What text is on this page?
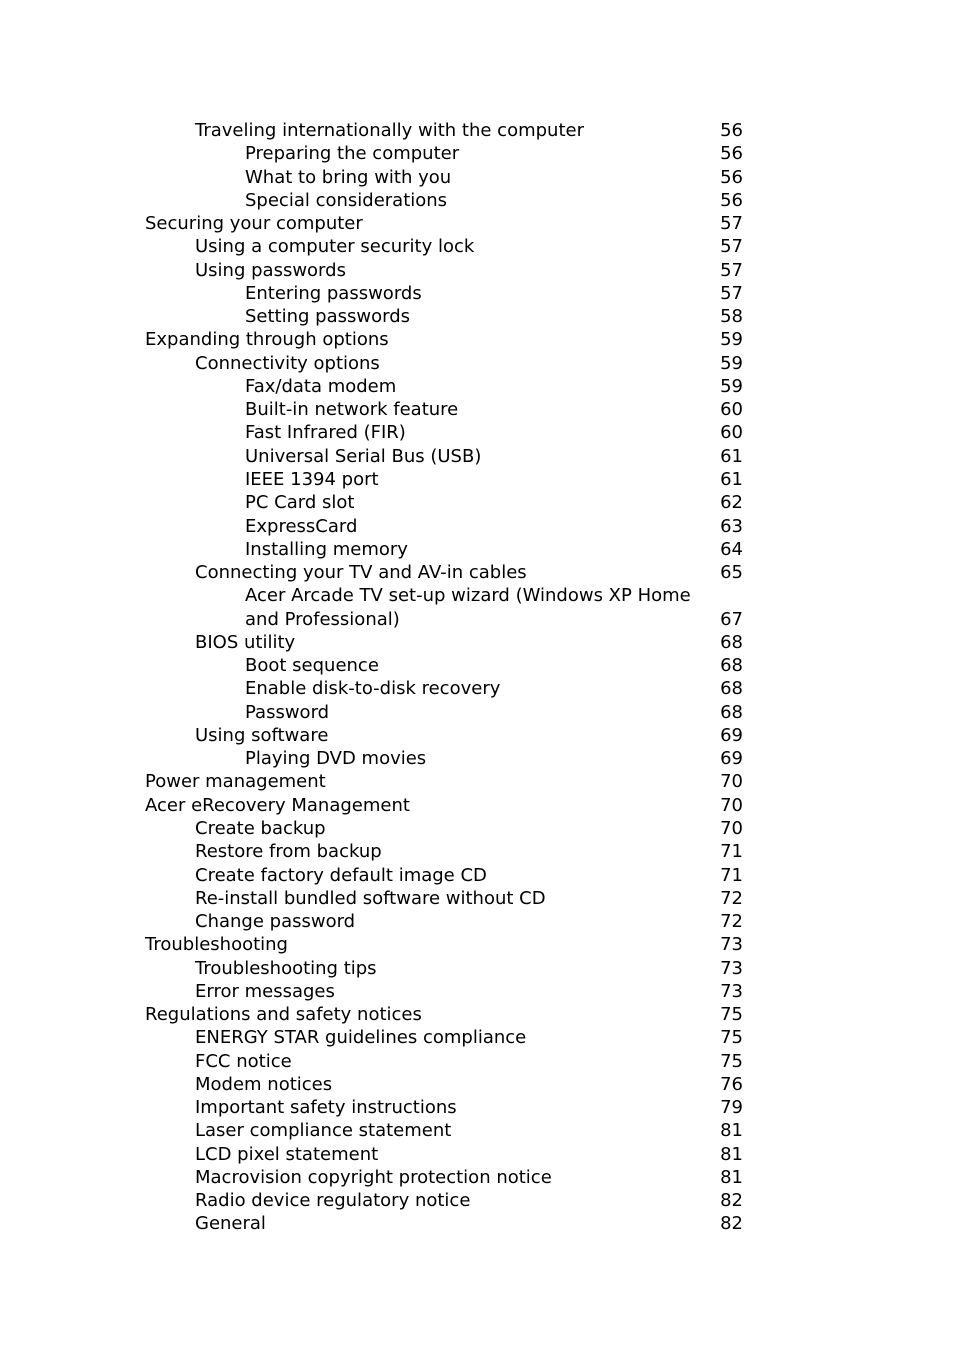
Traveling internationally with the computer	56
Preparing the computer	56
What to bring with you	56
Special considerations	56
Securing your computer	57
Using a computer security lock	57
Using passwords	57
Entering passwords	57
Setting passwords	58
Expanding through options	59
Connectivity options	59
Fax/data modem	59
Built-in network feature	60
Fast Infrared (FIR)	60
Universal Serial Bus (USB)	61
IEEE 1394 port	61
PC Card slot	62
ExpressCard	63
Installing memory	64
Connecting your TV and AV-in cables	65
Acer Arcade TV set-up wizard (Windows XP Home
and Professional)	67
BIOS utility	68
Boot sequence	68
Enable disk-to-disk recovery	68
Password	68
Using software	69
Playing DVD movies	69
Power management	70
Acer eRecovery Management	70
Create backup	70
Restore from backup	71
Create factory default image CD	71
Re-install bundled software without CD	72
Change password	72
Troubleshooting	73
Troubleshooting tips	73
Error messages	73
Regulations and safety notices	75
ENERGY STAR guidelines compliance	75
FCC notice	75
Modem notices	76
Important safety instructions	79
Laser compliance statement	81
LCD pixel statement	81
Macrovision copyright protection notice	81
Radio device regulatory notice	82
General	82
